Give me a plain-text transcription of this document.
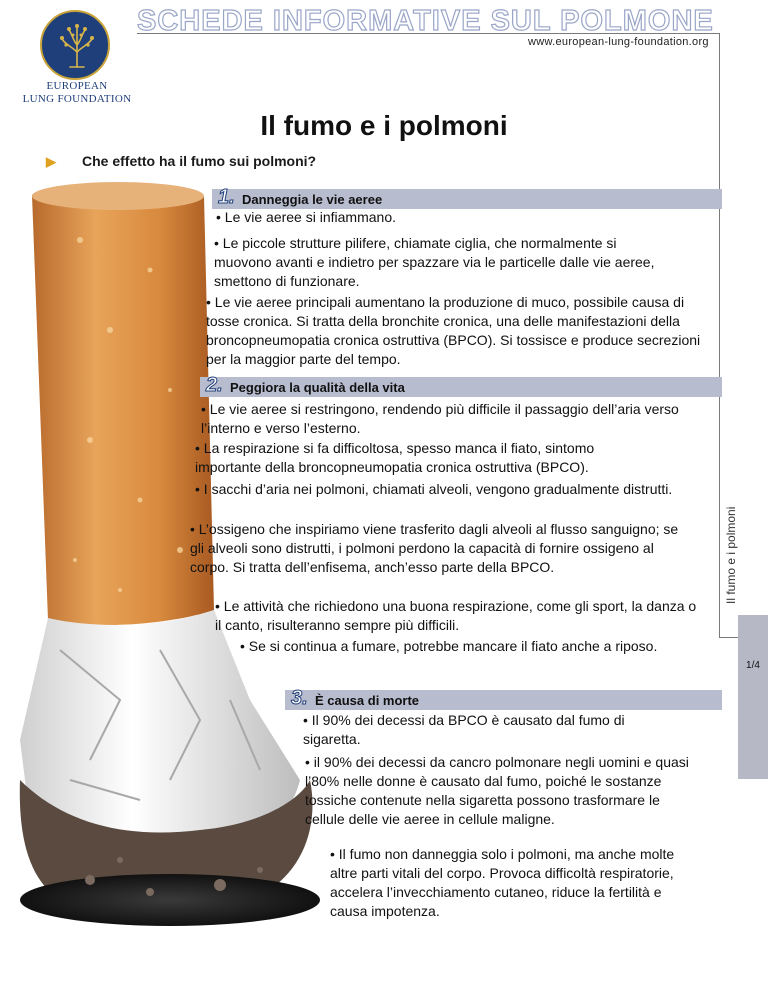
EUROPEAN
LUNG FOUNDATION
SCHEDE INFORMATIVE SUL POLMONE
www.european-lung-foundation.org
Il fumo e i polmoni
▶ Che effetto ha il fumo sui polmoni?
Il fumo e i polmoni
1/4
1. Danneggia le vie aeree
• Le vie aeree si infiammano.
• Le piccole strutture pilifere, chiamate ciglia, che normalmente si muovono avanti e indietro per spazzare via le particelle dalle vie aeree, smettono di funzionare.
• Le vie aeree principali aumentano la produzione di muco, possibile causa di tosse cronica. Si tratta della bronchite cronica, una delle manifestazioni della broncopneumopatia cronica ostruttiva (BPCO). Si tossisce e produce secrezioni per la maggior parte del tempo.
2. Peggiora la qualità della vita
• Le vie aeree si restringono, rendendo più difficile il passaggio dell’aria verso l’interno e verso l’esterno.
• La respirazione si fa difficoltosa, spesso manca il fiato, sintomo importante della broncopneumopatia cronica ostruttiva (BPCO).
• I sacchi d’aria nei polmoni, chiamati alveoli, vengono gradualmente distrutti.
• L’ossigeno che inspiriamo viene trasferito dagli alveoli al flusso sanguigno; se gli alveoli sono distrutti, i polmoni perdono la capacità di fornire ossigeno al corpo. Si tratta dell’enfisema, anch’esso parte della BPCO.
• Le attività che richiedono una buona respirazione, come gli sport, la danza o il canto, risulteranno sempre più difficili.
• Se si continua a fumare, potrebbe mancare il fiato anche a riposo.
3. È causa di morte
• Il 90% dei decessi da BPCO è causato dal fumo di sigaretta.
• il 90% dei decessi da cancro polmonare negli uomini e quasi l’80% nelle donne è causato dal fumo, poiché le sostanze tossiche contenute nella sigaretta possono trasformare le cellule delle vie aeree in cellule maligne.
• Il fumo non danneggia solo i polmoni, ma anche molte altre parti vitali del corpo. Provoca difficoltà respiratorie, accelera l’invecchiamento cutaneo, riduce la fertilità e causa impotenza.
